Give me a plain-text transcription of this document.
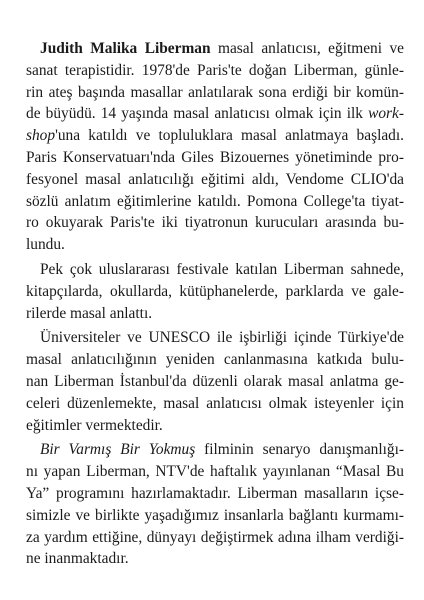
Judith Malika Liberman masal anlatıcısı, eğitmeni ve
sanat terapistidir. 1978'de Paris'te doğan Liberman, günle-
rin ateş başında masallar anlatılarak sona erdiği bir komün-
de büyüdü. 14 yaşında masal anlatıcısı olmak için ilk work-
shop'una katıldı ve topluluklara masal anlatmaya başladı.
Paris Konservatuarı'nda Giles Bizouernes yönetiminde pro-
fesyonel masal anlatıcılığı eğitimi aldı, Vendome CLIO'da
sözlü anlatım eğitimlerine katıldı. Pomona College'ta tiyat-
ro okuyarak Paris'te iki tiyatronun kurucuları arasında bu-
lundu.
Pek çok uluslararası festivale katılan Liberman sahnede,
kitapçılarda, okullarda, kütüphanelerde, parklarda ve gale-
rilerde masal anlattı.
Üniversiteler ve UNESCO ile işbirliği içinde Türkiye'de
masal anlatıcılığının yeniden canlanmasına katkıda bulu-
nan Liberman İstanbul'da düzenli olarak masal anlatma ge-
celeri düzenlemekte, masal anlatıcısı olmak isteyenler için
eğitimler vermektedir.
Bir Varmış Bir Yokmuş filminin senaryo danışmanlığı-
nı yapan Liberman, NTV'de haftalık yayınlanan “Masal Bu
Ya” programını hazırlamaktadır. Liberman masalların içse-
simizle ve birlikte yaşadığımız insanlarla bağlantı kurmamı-
za yardım ettiğine, dünyayı değiştirmek adına ilham verdiği-
ne inanmaktadır.
